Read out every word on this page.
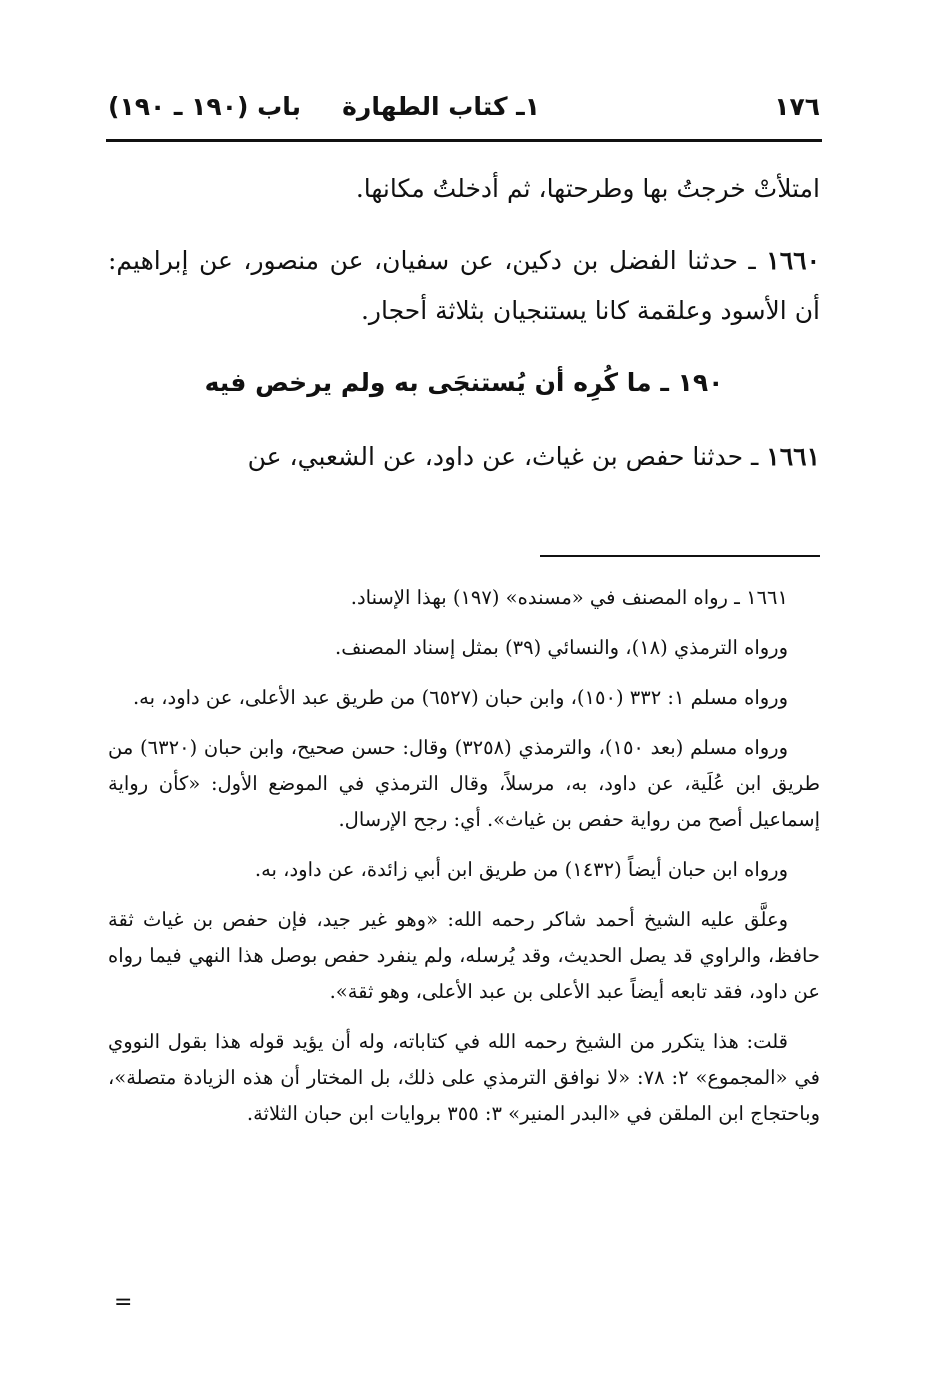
١٧٦
١ـ كتاب الطهارة
باب (١٩٠ ـ ١٩٠)

امتلأتْ خرجتُ بها وطرحتها، ثم أدخلتُ مكانها.

١٦٦٠ ـ حدثنا الفضل بن دكين، عن سفيان، عن منصور، عن إبراهيم: أن الأسود وعلقمة كانا يستنجيان بثلاثة أحجار.

١٩٠ ـ ما كُرِه أن يُستنجَى به ولم يرخص فيه

١٦٦١ ـ حدثنا حفص بن غياث، عن داود، عن الشعبي، عن

١٦٦١ ـ رواه المصنف في «مسنده» (١٩٧) بهذا الإسناد.

ورواه الترمذي (١٨)، والنسائي (٣٩) بمثل إسناد المصنف.

ورواه مسلم ١: ٣٣٢ (١٥٠)، وابن حبان (٦٥٢٧) من طريق عبد الأعلى، عن داود، به.

ورواه مسلم (بعد ١٥٠)، والترمذي (٣٢٥٨) وقال: حسن صحيح، وابن حبان (٦٣٢٠) من طريق ابن عُلَية، عن داود، به، مرسلاً، وقال الترمذي في الموضع الأول: «كأن رواية إسماعيل أصح من رواية حفص بن غياث». أي: رجح الإرسال.

ورواه ابن حبان أيضاً (١٤٣٢) من طريق ابن أبي زائدة، عن داود، به.

وعلَّق عليه الشيخ أحمد شاكر رحمه الله: «وهو غير جيد، فإن حفص بن غياث ثقة حافظ، والراوي قد يصل الحديث، وقد يُرسله، ولم ينفرد حفص بوصل هذا النهي فيما رواه عن داود، فقد تابعه أيضاً عبد الأعلى بن عبد الأعلى، وهو ثقة».

قلت: هذا يتكرر من الشيخ رحمه الله في كتاباته، وله أن يؤيد قوله هذا بقول النووي في «المجموع» ٢: ٧٨: «لا نوافق الترمذي على ذلك، بل المختار أن هذه الزيادة متصلة»، وباحتجاج ابن الملقن في «البدر المنير» ٣: ٣٥٥ بروايات ابن حبان الثلاثة.

=
